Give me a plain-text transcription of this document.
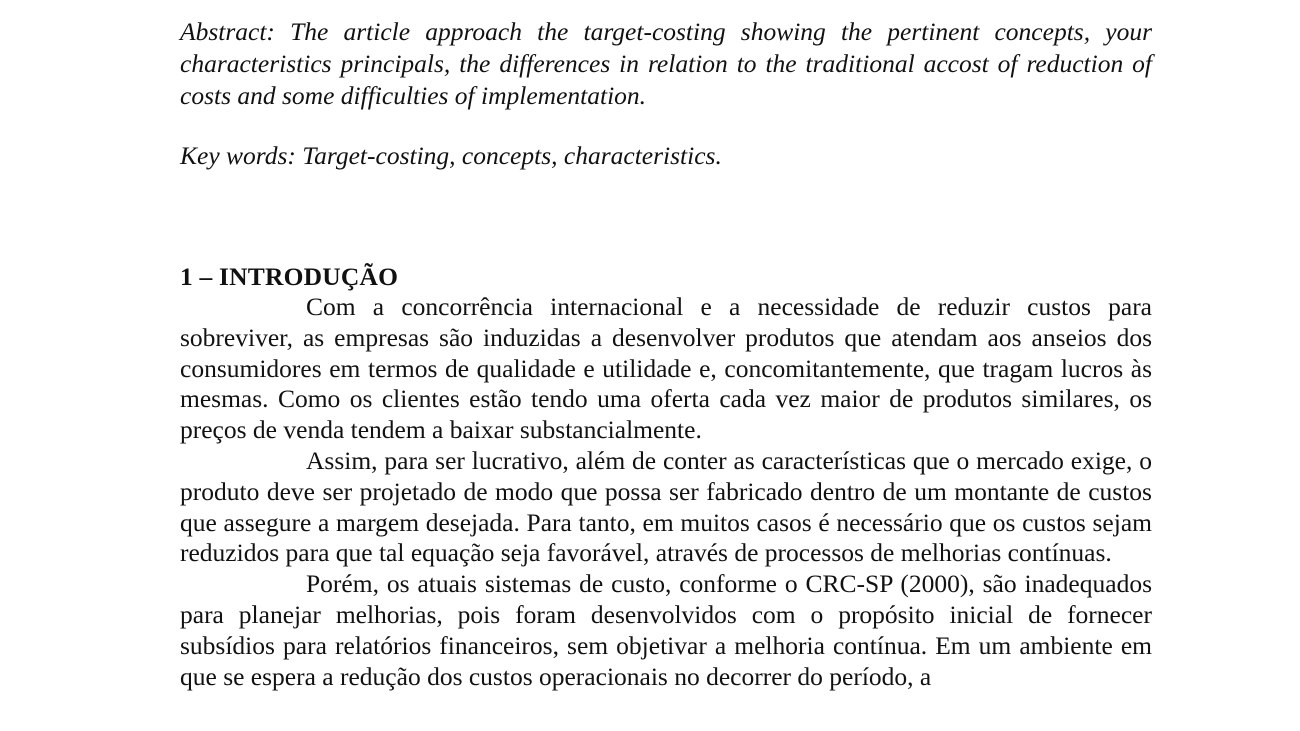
Abstract: The article approach the target-costing showing the pertinent concepts, your characteristics principals, the differences in relation to the traditional accost of reduction of costs and some difficulties of implementation.

Key words: Target-costing, concepts, characteristics.

1 – INTRODUÇÃO

Com a concorrência internacional e a necessidade de reduzir custos para sobreviver, as empresas são induzidas a desenvolver produtos que atendam aos anseios dos consumidores em termos de qualidade e utilidade e, concomitantemente, que tragam lucros às mesmas. Como os clientes estão tendo uma oferta cada vez maior de produtos similares, os preços de venda tendem a baixar substancialmente.

Assim, para ser lucrativo, além de conter as características que o mercado exige, o produto deve ser projetado de modo que possa ser fabricado dentro de um montante de custos que assegure a margem desejada. Para tanto, em muitos casos é necessário que os custos sejam reduzidos para que tal equação seja favorável, através de processos de melhorias contínuas.

Porém, os atuais sistemas de custo, conforme o CRC-SP (2000), são inadequados para planejar melhorias, pois foram desenvolvidos com o propósito inicial de fornecer subsídios para relatórios financeiros, sem objetivar a melhoria contínua. Em um ambiente em que se espera a redução dos custos operacionais no decorrer do período, a
